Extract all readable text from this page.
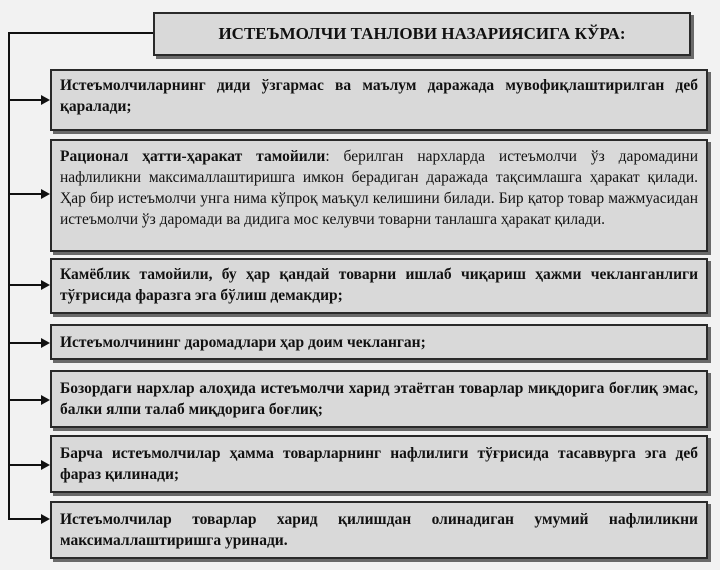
ИСТЕЪМОЛЧИ ТАНЛОВИ НАЗАРИЯСИГА КЎРА:
Истеъмолчиларнинг диди ўзгармас ва маълум даражада мувофиқлаштирилган деб қаралади;
Рационал ҳатти-ҳаракат тамойили: берилган нархларда истеъмолчи ўз даромадини нафлиликни максималлаштиришга имкон берадиган даражада тақсимлашга ҳаракат қилади. Ҳар бир истеъмолчи унга нима кўпроқ маъқул келишини билади. Бир қатор товар мажмуасидан истеъмолчи ўз даромади ва дидига мос келувчи товарни танлашга ҳаракат қилади.
Камёблик тамойили, бу ҳар қандай товарни ишлаб чиқариш ҳажми чекланганлиги тўғрисида фаразга эга бўлиш демакдир;
Истеъмолчининг даромадлари ҳар доим чекланган;
Бозордаги нархлар алоҳида истеъмолчи харид этаётган товарлар миқдорига боғлиқ эмас, балки ялпи талаб миқдорига боғлиқ;
Барча истеъмолчилар ҳамма товарларнинг нафлилиги тўғрисида тасаввурга эга деб фараз қилинади;
Истеъмолчилар товарлар харид қилишдан олинадиган умумий нафлиликни максималлаштиришга уринади.
